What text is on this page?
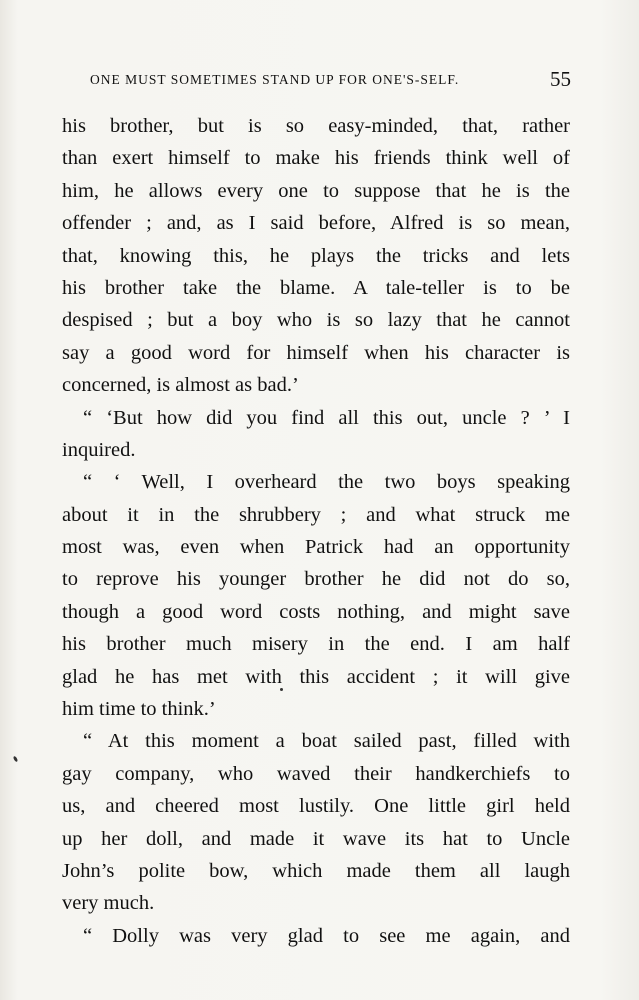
ONE MUST SOMETIMES STAND UP FOR ONE'S-SELF.	55
his brother, but is so easy-minded, that, rather
than exert himself to make his friends think well of
him, he allows every one to suppose that he is the
offender ; and, as I said before, Alfred is so mean,
that, knowing this, he plays the tricks and lets
his brother take the blame. A tale-teller is to be
despised ; but a boy who is so lazy that he cannot
say a good word for himself when his character is
concerned, is almost as bad.’
“ ‘But how did you find all this out, uncle ? ’ I
inquired.
“ ‘ Well, I overheard the two boys speaking
about it in the shrubbery ; and what struck me
most was, even when Patrick had an opportunity
to reprove his younger brother he did not do so,
though a good word costs nothing, and might save
his brother much misery in the end. I am half
glad he has met with this accident ; it will give
him time to think.’
“ At this moment a boat sailed past, filled with
gay company, who waved their handkerchiefs to
us, and cheered most lustily. One little girl held
up her doll, and made it wave its hat to Uncle
John’s polite bow, which made them all laugh
very much.
“ Dolly was very glad to see me again, and
